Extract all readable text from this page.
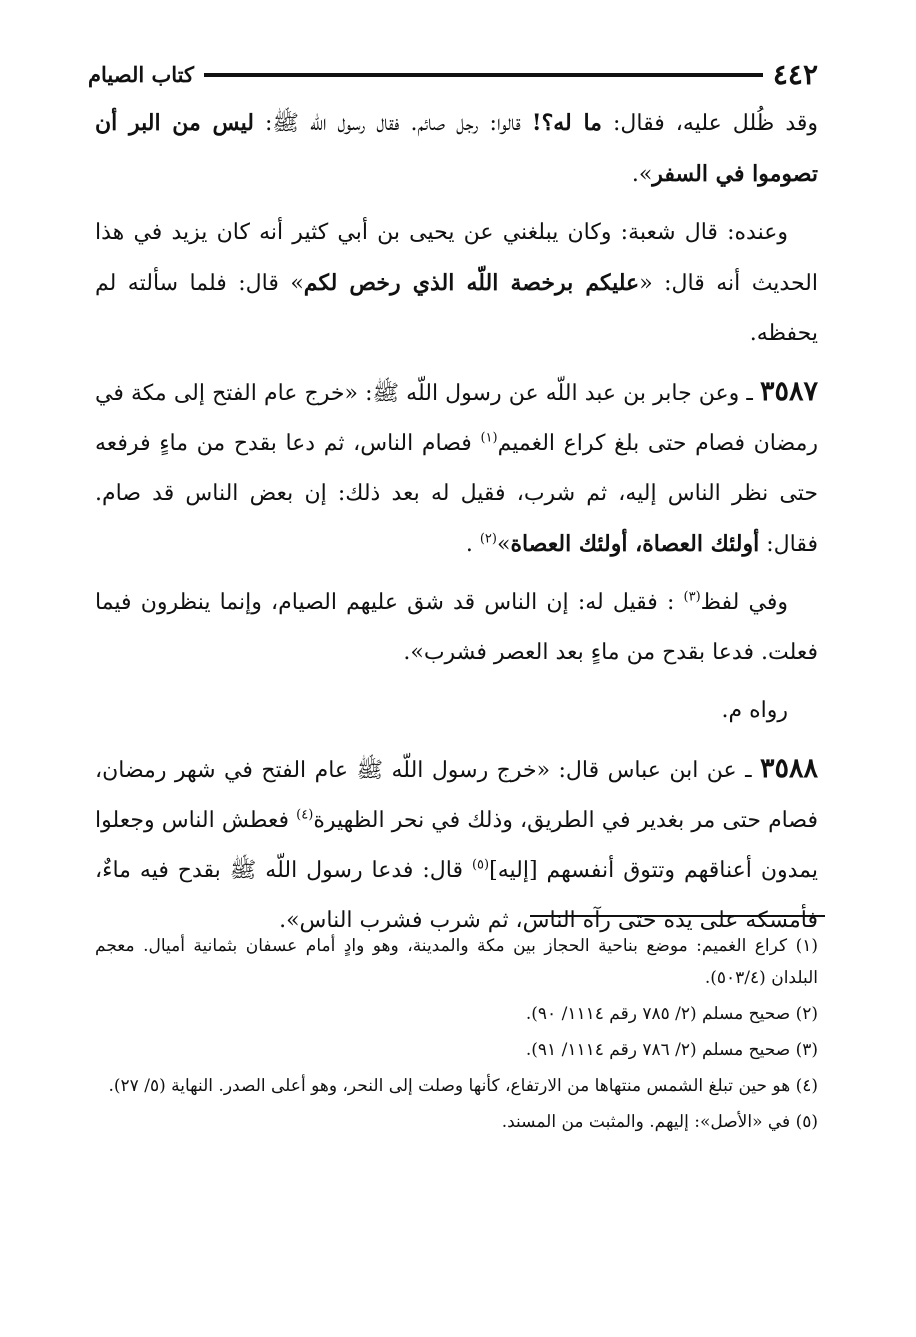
٤٤٢
كتاب الصيام

وقد ظُلل عليه، فقال: ما له؟! قالوا: رجل صائم. فقال رسول اللّه ﷺ: ليس من البر أن تصوموا في السفر».

وعنده: قال شعبة: وكان يبلغني عن يحيى بن أبي كثير أنه كان يزيد في هذا الحديث أنه قال: «عليكم برخصة اللّه الذي رخص لكم» قال: فلما سألته لم يحفظه.

٣٥٨٧ ـ وعن جابر بن عبد اللّه عن رسول اللّه ﷺ: «خرج عام الفتح إلى مكة في رمضان فصام حتى بلغ كراع الغميم$^{(١)}$ فصام الناس، ثم دعا بقدح من ماءٍ فرفعه حتى نظر الناس إليه، ثم شرب، فقيل له بعد ذلك: إن بعض الناس قد صام. فقال: أولئك العصاة، أولئك العصاة»$^{(٢)}$ .

وفي لفظ$^{(٣)}$ : فقيل له: إن الناس قد شق عليهم الصيام، وإنما ينظرون فيما فعلت. فدعا بقدح من ماءٍ بعد العصر فشرب».

رواه م.

٣٥٨٨ ـ عن ابن عباس قال: «خرج رسول اللّه ﷺ عام الفتح في شهر رمضان، فصام حتى مر بغدير في الطريق، وذلك في نحر الظهيرة$^{(٤)}$ فعطش الناس وجعلوا يمدون أعناقهم وتتوق أنفسهم [إليه]$^{(٥)}$ قال: فدعا رسول اللّه ﷺ بقدح فيه ماءٌ، فأمسكه على يده حتى رآه الناس، ثم شرب فشرب الناس».

(١) كراع الغميم: موضع بناحية الحجاز بين مكة والمدينة، وهو وادٍ أمام عسفان بثمانية أميال. معجم البلدان (٥٠٣/٤).

(٢) صحيح مسلم (٢/ ٧٨٥ رقم ١١١٤/ ٩٠).

(٣) صحيح مسلم (٢/ ٧٨٦ رقم ١١١٤/ ٩١).

(٤) هو حين تبلغ الشمس منتهاها من الارتفاع، كأنها وصلت إلى النحر، وهو أعلى الصدر. النهاية (٥/ ٢٧).

(٥) في «الأصل»: إليهم. والمثبت من المسند.
